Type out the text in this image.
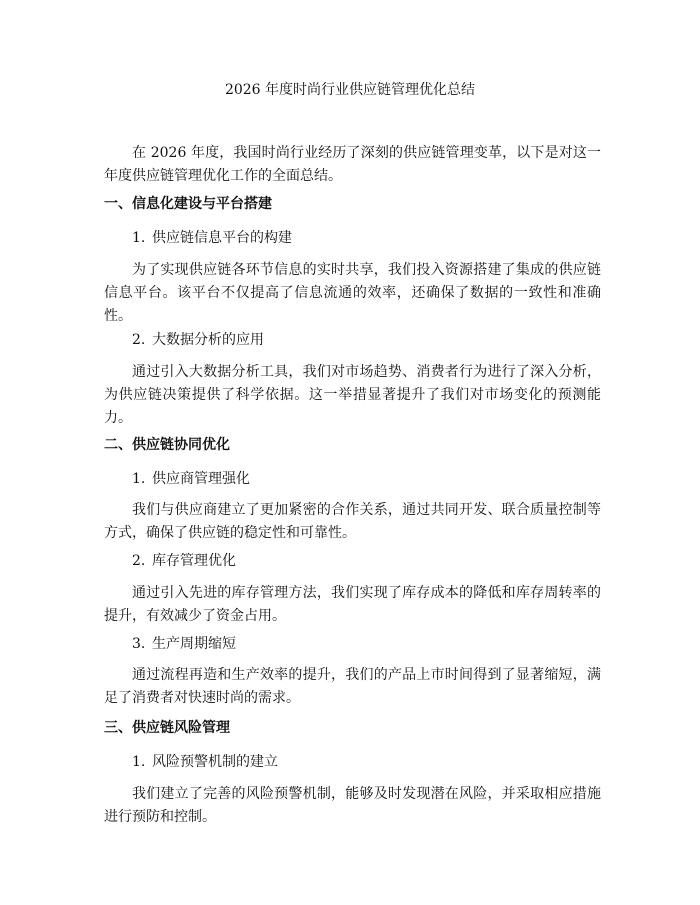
2026 年度时尚行业供应链管理优化总结

在 2026 年度，我国时尚行业经历了深刻的供应链管理变革，以下是对这一年度供应链管理优化工作的全面总结。

一、信息化建设与平台搭建
1. 供应链信息平台的构建

为了实现供应链各环节信息的实时共享，我们投入资源搭建了集成的供应链信息平台。该平台不仅提高了信息流通的效率，还确保了数据的一致性和准确性。

2. 大数据分析的应用

通过引入大数据分析工具，我们对市场趋势、消费者行为进行了深入分析，为供应链决策提供了科学依据。这一举措显著提升了我们对市场变化的预测能力。

二、供应链协同优化
1. 供应商管理强化

我们与供应商建立了更加紧密的合作关系，通过共同开发、联合质量控制等方式，确保了供应链的稳定性和可靠性。

2. 库存管理优化

通过引入先进的库存管理方法，我们实现了库存成本的降低和库存周转率的提升，有效减少了资金占用。

3. 生产周期缩短

通过流程再造和生产效率的提升，我们的产品上市时间得到了显著缩短，满足了消费者对快速时尚的需求。

三、供应链风险管理
1. 风险预警机制的建立

我们建立了完善的风险预警机制，能够及时发现潜在风险，并采取相应措施进行预防和控制。
